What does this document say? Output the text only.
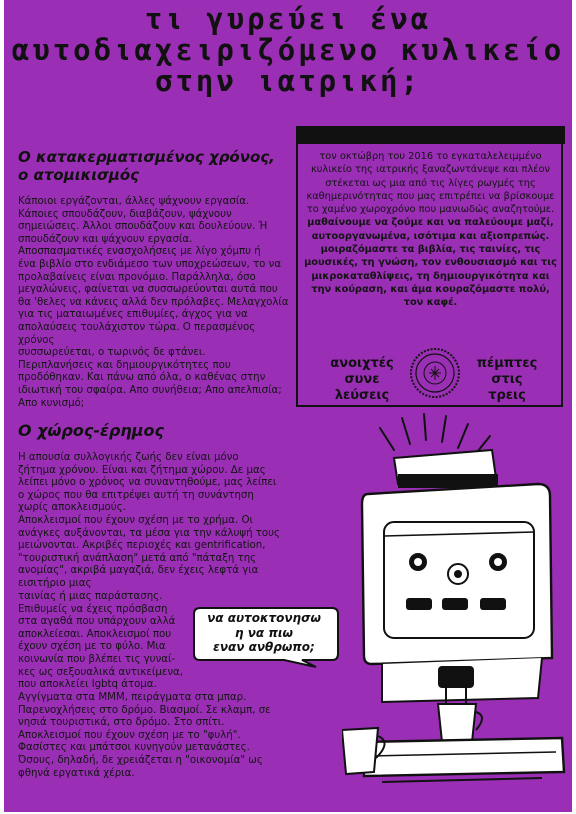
τι γυρεύει ένα
αυτοδιαχειριζόμενο κυλικείο
στην ιατρική;
Ο κατακερματισμένος χρόνος,
ο ατομικισμός
Κάποιοι εργάζονται, άλλες ψάχνουν εργασία.
Κάποιες σπουδάζουν, διαβάζουν, ψάχνουν
σημειώσεις. Άλλοι σπουδάζουν και δουλεύουν. Ή
σπουδάζουν και ψάχνουν εργασία.
Αποσπασματικές ενασχολήσεις με λίγο χόμπυ ή
ένα βιβλίο στο ενδιάμεσο των υποχρεώσεων, το να
προλαβαίνεις είναι προνόμιο. Παράλληλα, όσο
μεγαλώνεις, φαίνεται να συσσωρεύονται αυτά που
θα 'θελες να κάνεις αλλά δεν πρόλαβες. Μελαγχολία
για τις ματαιωμένες επιθυμίες, άγχος για να
απολαύσεις τουλάχιστον τώρα. Ο περασμένος χρόνος
συσσωρεύεται, ο τωρινός δε φτάνει.
Περιπλανήσεις και δημιουργικότητες που
προδόθηκαν. Και πάνω από όλα, ο καθένας στην
ιδιωτική του σφαίρα. Απο συνήθεια; Απο απελπισία;
Απο κυνισμό;
Ο χώρος-έρημος
Η απουσία συλλογικής ζωής δεν είναι μόνο
ζήτημα χρόνου. Είναι και ζήτημα χώρου. Δε μας
λείπει μόνο ο χρόνος να συναντηθούμε, μας λείπει
ο χώρος που θα επιτρέψει αυτή τη συνάντηση
χωρίς αποκλεισμούς.
Αποκλεισμοί που έχουν σχέση με το χρήμα. Οι
ανάγκες αυξάνονται, τα μέσα για την κάλυψή τους
μειώνονται. Ακριβές περιοχές και gentrification,
"τουριστική ανάπλαση" μετά από "πάταξη της
ανομίας", ακριβά μαγαζιά, δεν έχεις λεφτά για
εισιτήριο μιας
ταινίας ή μιας παράστασης.
Επιθυμείς να έχεις πρόσβαση
στα αγαθά που υπάρχουν αλλά
αποκλείεσαι. Αποκλεισμοί που
έχουν σχέση με το φύλο. Μια
κοινωνία που βλέπει τις γυναί-
κες ως σεξουαλικά αντικείμενα,
που αποκλείει lgbtq άτομα.
Αγγίγματα στα ΜΜΜ, πειράγματα στα μπαρ.
Παρενοχλήσεις στο δρόμο. Βιασμοί. Σε κλαμπ, σε
νησιά τουριστικά, στο δρόμο. Στο σπίτι.
Αποκλεισμοί που έχουν σχέση με το "φυλή".
Φασίστες και μπάτσοι κυνηγούν μετανάστες.
Όσους, δηλαδή, δε χρειάζεται η "οικονομία" ως
φθηνά εργατικά χέρια.
τον οκτώβρη του 2016 το εγκαταλελειμμένο κυλικείο της ιατρικής ξαναζωντάνεψε και πλέον στέκεται ως μια από τις λίγες ρωγμές της καθημερινότητας που μας επιτρέπει να βρίσκουμε το χαμένο χωροχρόνο που μανιωδώς αναζητούμε.
μαθαίνουμε να ζούμε και να παλεύουμε μαζί, αυτοοργανωμένα, ισότιμα και αξιοπρεπώς.
μοιραζόμαστε τα βιβλία, τις ταινίες, τις μουσικές, τη γνώση, τον ενθουσιασμό και τις μικροκαταθλίψεις, τη δημιουργικότητα και την κούραση, και άμα κουραζόμαστε πολύ, τον καφέ.
ανοιχτές
συνε
λεύσεις
πέμπτες
στις
τρεις
να αυτοκτονησω
η να πιω
εναν ανθρωπο;
